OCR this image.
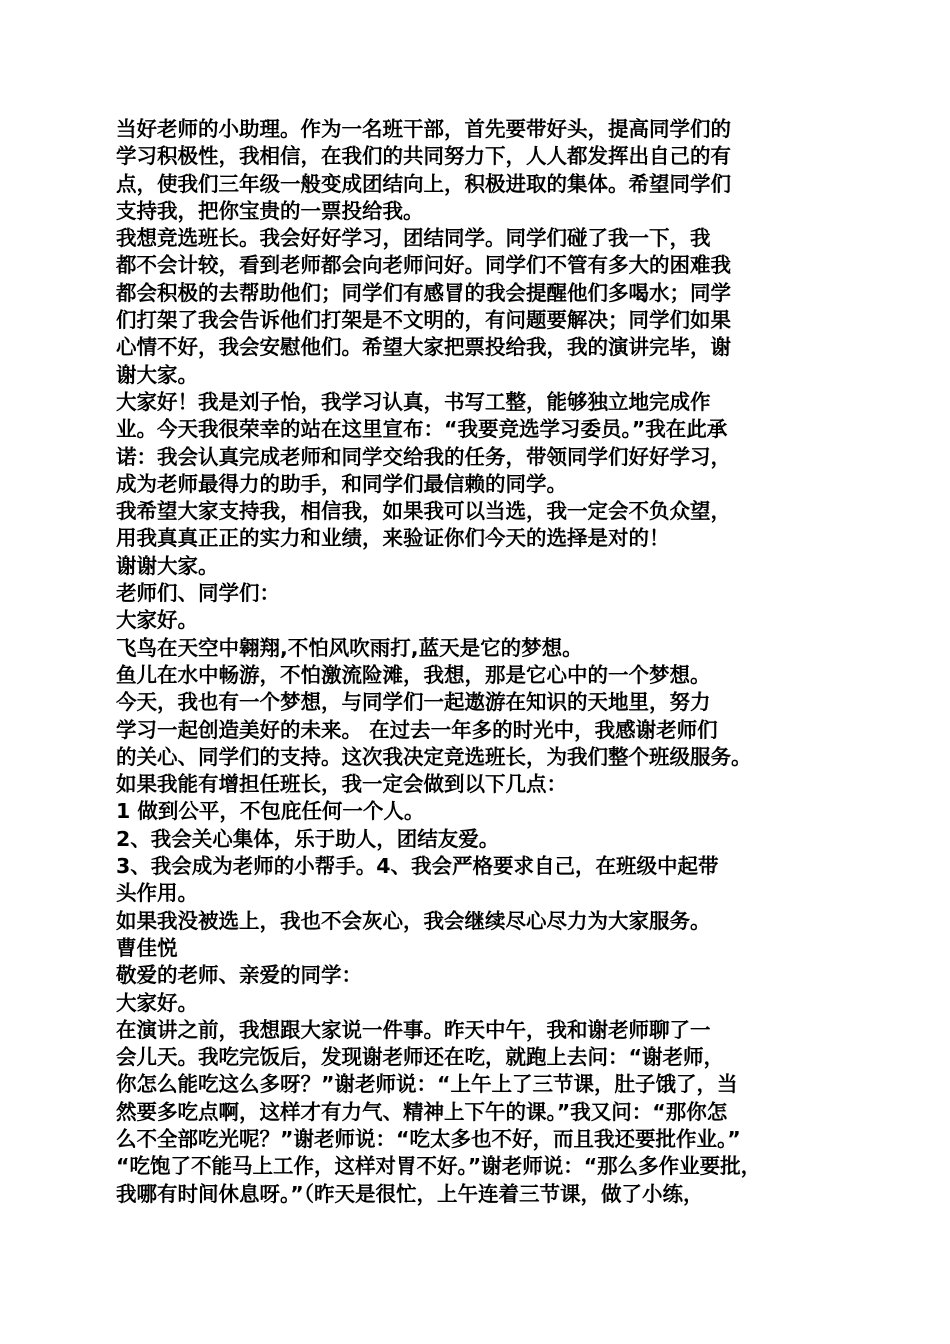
当好老师的小助理。作为一名班干部，首先要带好头，提高同学们的
学习积极性，我相信，在我们的共同努力下，人人都发挥出自己的有
点，使我们三年级一般变成团结向上，积极进取的集体。希望同学们
支持我，把你宝贵的一票投给我。
我想竞选班长。我会好好学习，团结同学。同学们碰了我一下，我
都不会计较，看到老师都会向老师问好。同学们不管有多大的困难我
都会积极的去帮助他们；同学们有感冒的我会提醒他们多喝水；同学
们打架了我会告诉他们打架是不文明的，有问题要解决；同学们如果
心情不好，我会安慰他们。希望大家把票投给我，我的演讲完毕，谢
谢大家。
大家好！我是刘子怡，我学习认真，书写工整，能够独立地完成作
业。今天我很荣幸的站在这里宣布：“我要竞选学习委员。”我在此承
诺：我会认真完成老师和同学交给我的任务，带领同学们好好学习，
成为老师最得力的助手，和同学们最信赖的同学。
我希望大家支持我，相信我，如果我可以当选，我一定会不负众望，
用我真真正正的实力和业绩，来验证你们今天的选择是对的！
谢谢大家。
老师们、同学们：
大家好。
飞鸟在天空中翱翔,不怕风吹雨打,蓝天是它的梦想。
鱼儿在水中畅游，不怕激流险滩，我想，那是它心中的一个梦想。
今天，我也有一个梦想，与同学们一起遨游在知识的天地里，努力
学习一起创造美好的未来。 在过去一年多的时光中，我感谢老师们
的关心、同学们的支持。这次我决定竞选班长，为我们整个班级服务。
如果我能有增担任班长，我一定会做到以下几点：
1 做到公平，不包庇任何一个人。
2、我会关心集体，乐于助人，团结友爱。
3、我会成为老师的小帮手。4、我会严格要求自己，在班级中起带
头作用。
如果我没被选上，我也不会灰心，我会继续尽心尽力为大家服务。
曹佳悦
敬爱的老师、亲爱的同学：
大家好。
在演讲之前，我想跟大家说一件事。昨天中午，我和谢老师聊了一
会儿天。我吃完饭后，发现谢老师还在吃，就跑上去问：“谢老师，
你怎么能吃这么多呀？”谢老师说：“上午上了三节课，肚子饿了，当
然要多吃点啊，这样才有力气、精神上下午的课。”我又问：“那你怎
么不全部吃光呢？”谢老师说：“吃太多也不好，而且我还要批作业。”
“吃饱了不能马上工作，这样对胃不好。”谢老师说：“那么多作业要批，
我哪有时间休息呀。”（昨天是很忙，上午连着三节课，做了小练，
